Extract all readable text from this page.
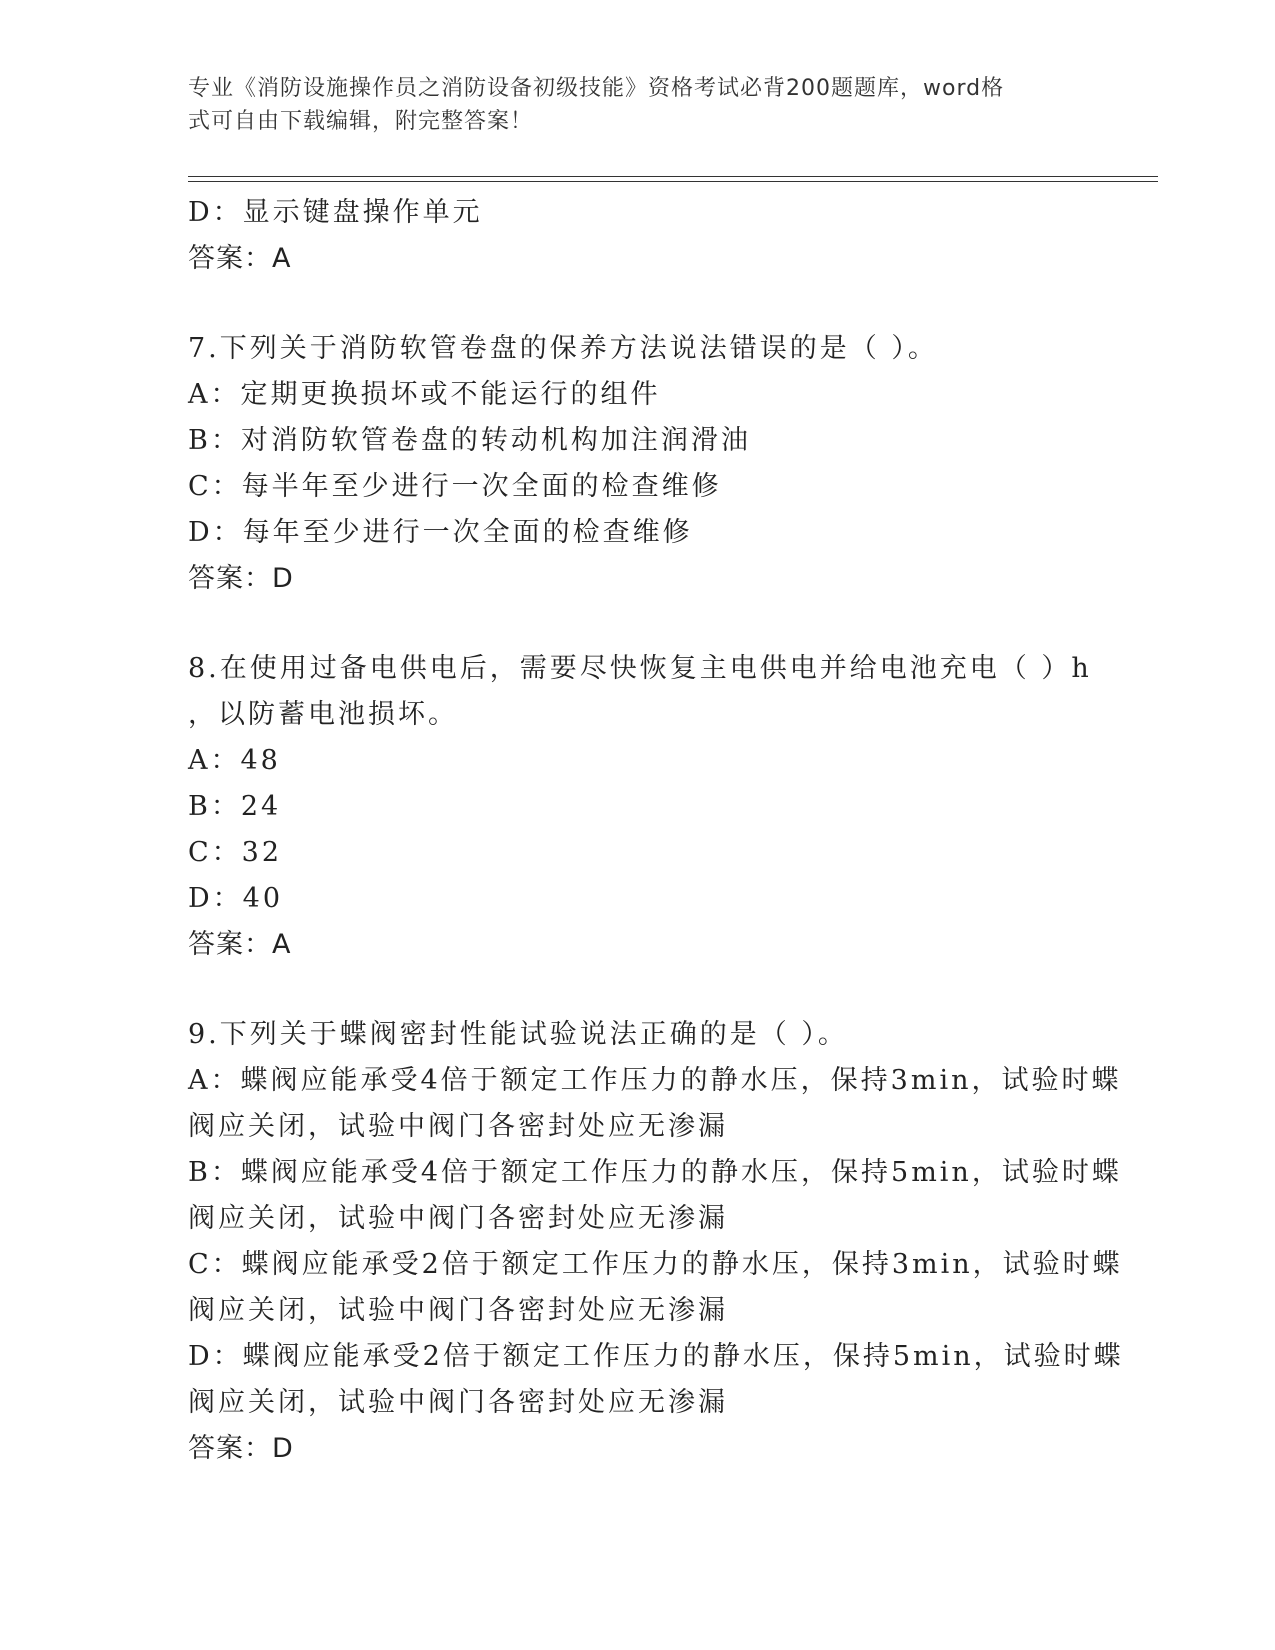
专业《消防设施操作员之消防设备初级技能》资格考试必背200题题库，word格
式可自由下载编辑，附完整答案！
D：显示键盘操作单元
答案：A
7.下列关于消防软管卷盘的保养方法说法错误的是（ ）。
A：定期更换损坏或不能运行的组件
B：对消防软管卷盘的转动机构加注润滑油
C：每半年至少进行一次全面的检查维修
D：每年至少进行一次全面的检查维修
答案：D
8.在使用过备电供电后，需要尽快恢复主电供电并给电池充电（ ）h
，以防蓄电池损坏。
A：48
B：24
C：32
D：40
答案：A
9.下列关于蝶阀密封性能试验说法正确的是（ ）。
A：蝶阀应能承受4倍于额定工作压力的静水压，保持3min，试验时蝶
阀应关闭，试验中阀门各密封处应无渗漏
B：蝶阀应能承受4倍于额定工作压力的静水压，保持5min，试验时蝶
阀应关闭，试验中阀门各密封处应无渗漏
C：蝶阀应能承受2倍于额定工作压力的静水压，保持3min，试验时蝶
阀应关闭，试验中阀门各密封处应无渗漏
D：蝶阀应能承受2倍于额定工作压力的静水压，保持5min，试验时蝶
阀应关闭，试验中阀门各密封处应无渗漏
答案：D
